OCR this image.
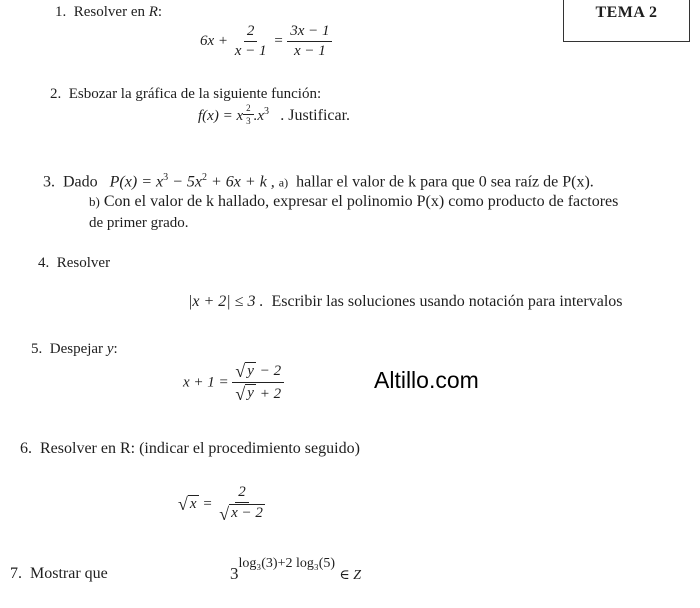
TEMA 2
1. Resolver en R:
$6x + \frac{2}{x - 1} = \frac{3x - 1}{x - 1}$
2. Esbozar la gráfica de la siguiente función:
f(x) = x $\frac{2}{3} .x^3$ . Justificar.
3. Dado $P(x) = x^3 - 5x^2 + 6x + k$ , a) hallar el valor de k para que 0 sea raíz de P(x).
b) Con el valor de k hallado, expresar el polinomio P(x) como producto de factores
de primer grado.
4. Resolver
|x + 2| ≤ 3 . Escribir las soluciones usando notación para intervalos
5. Despejar y:
$x + 1 = \frac{√ y - 2}{√ y + 2}$	Altillo.com
6. Resolver en R: (indicar el procedimiento seguido)
√ $x = \frac{2}{√ x - 2}$
7. Mostrar que	$3^{log_3(3)+2 log_3(5)}$ $_{\in Z}$
